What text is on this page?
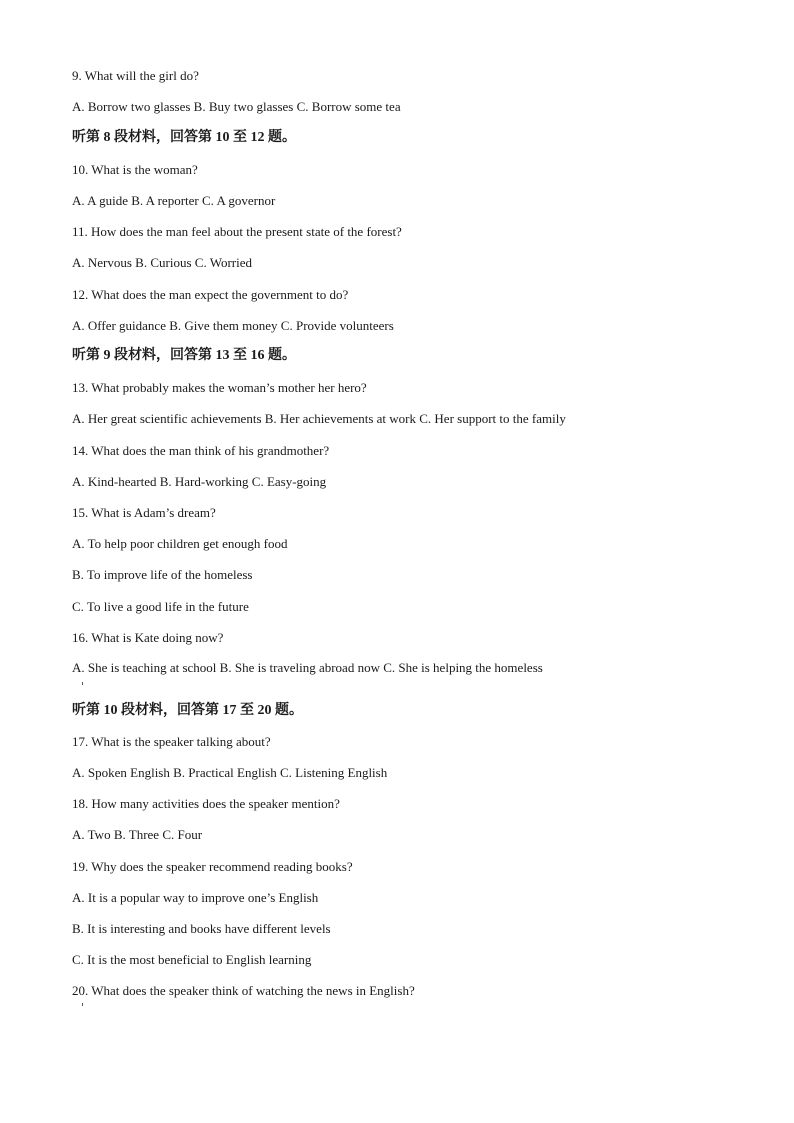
9. What will the girl do?
A. Borrow two glasses B. Buy two glasses C. Borrow some tea
听第 8 段材料，回答第 10 至 12 题。
10. What is the woman?
A. A guide B. A reporter C. A governor
11. How does the man feel about the present state of the forest?
A. Nervous B. Curious C. Worried
12. What does the man expect the government to do?
A. Offer guidance B. Give them money C. Provide volunteers
听第 9 段材料，回答第 13 至 16 题。
13. What probably makes the woman’s mother her hero?
A. Her great scientific achievements B. Her achievements at work C. Her support to the family
14. What does the man think of his grandmother?
A. Kind-hearted B. Hard-working C. Easy-going
15. What is Adam’s dream?
A. To help poor children get enough food
B. To improve life of the homeless
C. To live a good life in the future
16. What is Kate doing now?
A. She is teaching at school B. She is traveling abroad now C. She is helping the homeless
听第 10 段材料，回答第 17 至 20 题。
17. What is the speaker talking about?
A. Spoken English B. Practical English C. Listening English
18. How many activities does the speaker mention?
A. Two B. Three C. Four
19. Why does the speaker recommend reading books?
A. It is a popular way to improve one’s English
B. It is interesting and books have different levels
C. It is the most beneficial to English learning
20. What does the speaker think of watching the news in English?
